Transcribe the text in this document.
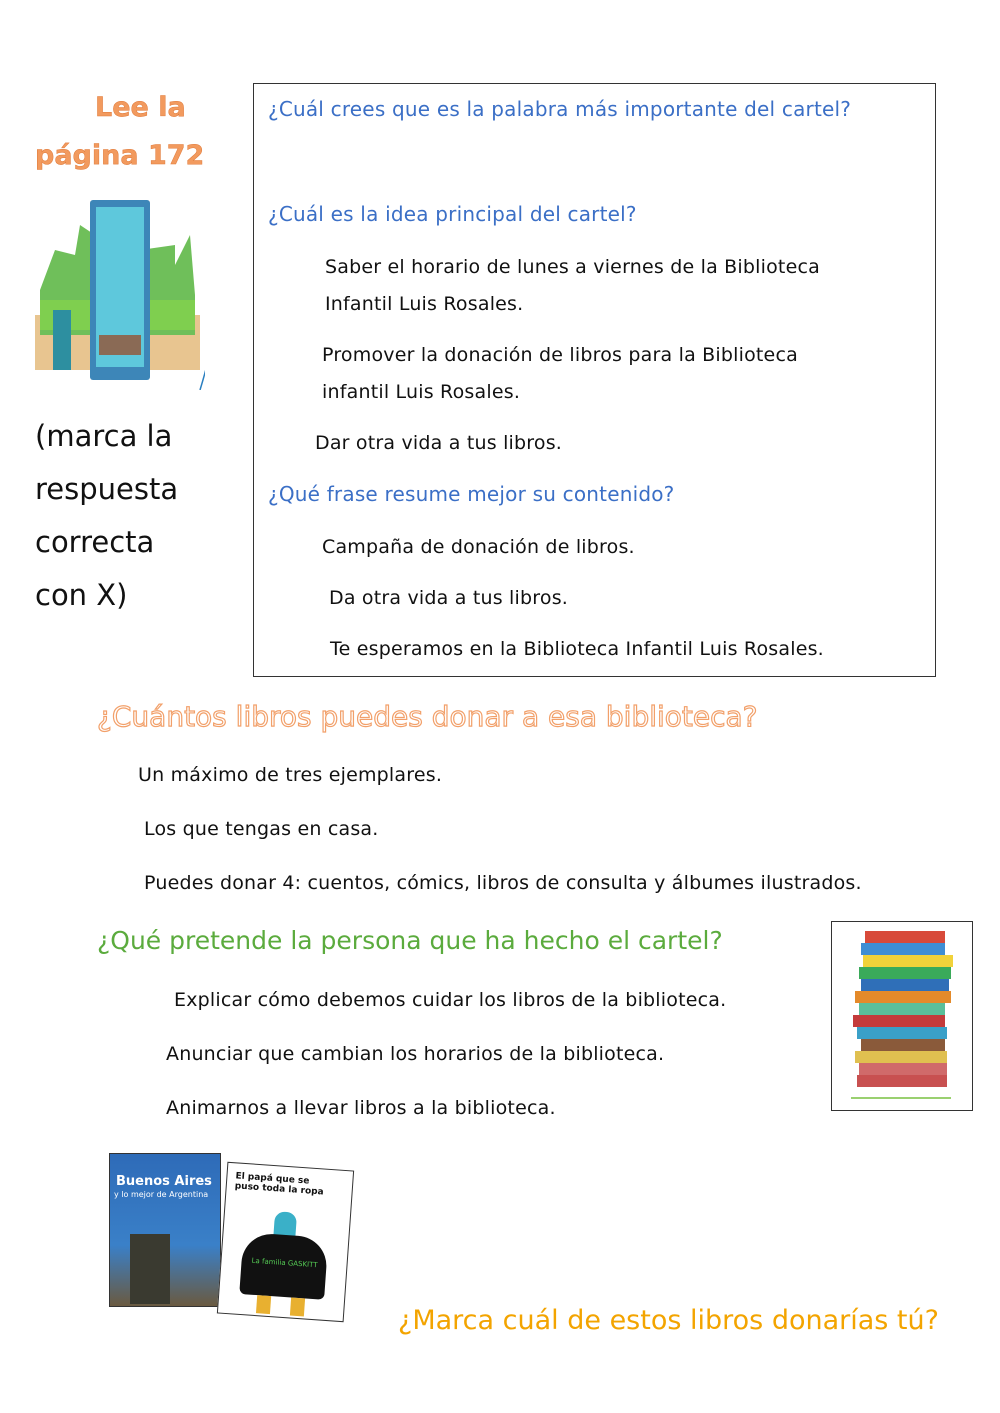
Lee la
página 172
(marca la
respuesta
correcta
con X)
¿Cuál crees que es la palabra más importante del cartel?
¿Cuál es la idea principal del cartel?
Saber el horario de lunes a viernes de la Biblioteca
Infantil Luis Rosales.
Promover la donación de libros para la Biblioteca
infantil Luis Rosales.
Dar otra vida a tus libros.
¿Qué frase resume mejor su contenido?
Campaña de donación de libros.
Da otra vida a tus libros.
Te esperamos en la Biblioteca Infantil Luis Rosales.
¿Cuántos libros puedes donar a esa biblioteca?
Un máximo de tres ejemplares.
Los que tengas en casa.
Puedes donar 4: cuentos, cómics, libros de consulta y álbumes ilustrados.
¿Qué pretende la persona que ha hecho el cartel?
Explicar cómo debemos cuidar los libros de la biblioteca.
Anunciar que cambian los horarios de la biblioteca.
Animarnos a llevar libros a la biblioteca.
Buenos Aires
y lo mejor de Argentina
El papá que se puso toda la ropa
La familia GASKITT
¿Marca cuál de estos libros donarías tú?
